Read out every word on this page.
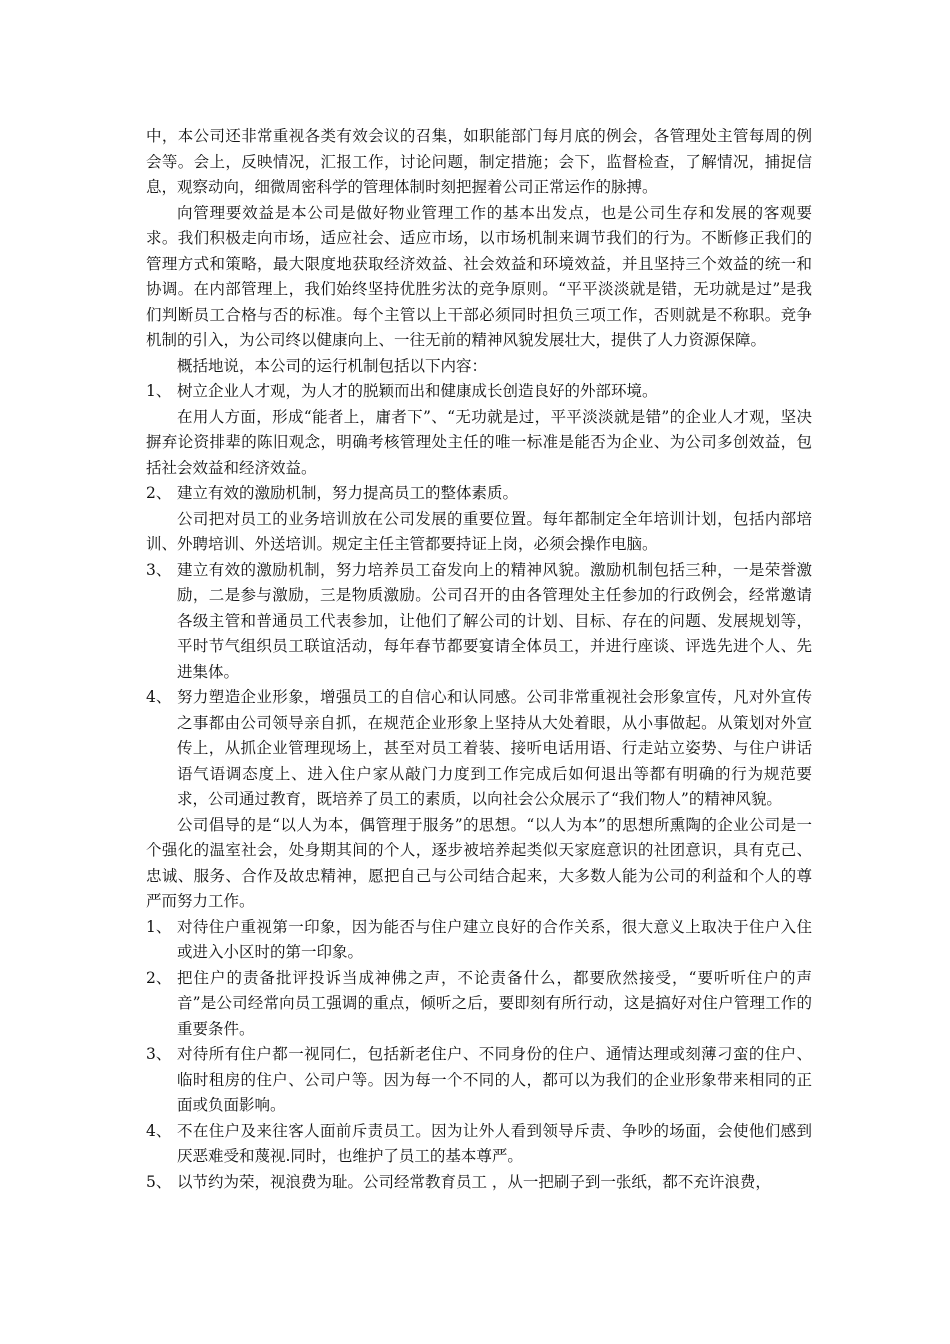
中，本公司还非常重视各类有效会议的召集，如职能部门每月底的例会，各管理处主管每周的例会等。会上，反映情况，汇报工作，讨论问题，制定措施；会下，监督检查，了解情况，捕捉信息，观察动向，细微周密科学的管理体制时刻把握着公司正常运作的脉搏。

向管理要效益是本公司是做好物业管理工作的基本出发点，也是公司生存和发展的客观要求。我们积极走向市场，适应社会、适应市场，以市场机制来调节我们的行为。不断修正我们的管理方式和策略，最大限度地获取经济效益、社会效益和环境效益，并且坚持三个效益的统一和协调。在内部管理上，我们始终坚持优胜劣汰的竞争原则。“平平淡淡就是错，无功就是过”是我们判断员工合格与否的标准。每个主管以上干部必须同时担负三项工作，否则就是不称职。竞争机制的引入，为公司终以健康向上、一往无前的精神风貌发展壮大，提供了人力资源保障。

概括地说，本公司的运行机制包括以下内容：

1、 树立企业人才观，为人才的脱颖而出和健康成长创造良好的外部环境。

在用人方面，形成“能者上，庸者下”、“无功就是过，平平淡淡就是错”的企业人才观，坚决摒弃论资排辈的陈旧观念，明确考核管理处主任的唯一标准是能否为企业、为公司多创效益，包括社会效益和经济效益。

2、 建立有效的激励机制，努力提高员工的整体素质。

公司把对员工的业务培训放在公司发展的重要位置。每年都制定全年培训计划，包括内部培训、外聘培训、外送培训。规定主任主管都要持证上岗，必须会操作电脑。

3、 建立有效的激励机制，努力培养员工奋发向上的精神风貌。激励机制包括三种，一是荣誉激励，二是参与激励，三是物质激励。公司召开的由各管理处主任参加的行政例会，经常邀请各级主管和普通员工代表参加，让他们了解公司的计划、目标、存在的问题、发展规划等，平时节气组织员工联谊活动，每年春节都要宴请全体员工，并进行座谈、评选先进个人、先进集体。
4、 努力塑造企业形象，增强员工的自信心和认同感。公司非常重视社会形象宣传，凡对外宣传之事都由公司领导亲自抓，在规范企业形象上坚持从大处着眼，从小事做起。从策划对外宣传上，从抓企业管理现场上，甚至对员工着装、接听电话用语、行走站立姿势、与住户讲话语气语调态度上、进入住户家从敲门力度到工作完成后如何退出等都有明确的行为规范要求，公司通过教育，既培养了员工的素质，以向社会公众展示了“我们物人”的精神风貌。

公司倡导的是“以人为本，偶管理于服务”的思想。“以人为本”的思想所熏陶的企业公司是一个强化的温室社会，处身期其间的个人，逐步被培养起类似天家庭意识的社团意识，具有克己、忠诚、服务、合作及故忠精神，愿把自己与公司结合起来，大多数人能为公司的利益和个人的尊严而努力工作。

1、 对待住户重视第一印象，因为能否与住户建立良好的合作关系，很大意义上取决于住户入住或进入小区时的第一印象。
2、 把住户的责备批评投诉当成神佛之声，不论责备什么，都要欣然接受，“要听听住户的声音”是公司经常向员工强调的重点，倾听之后，要即刻有所行动，这是搞好对住户管理工作的重要条件。
3、 对待所有住户都一视同仁，包括新老住户、不同身份的住户、通情达理或刻薄刁蛮的住户、临时租房的住户、公司户等。因为每一个不同的人，都可以为我们的企业形象带来相同的正面或负面影响。
4、 不在住户及来往客人面前斥责员工。因为让外人看到领导斥责、争吵的场面，会使他们感到厌恶难受和蔑视.同时，也维护了员工的基本尊严。
5、 以节约为荣，视浪费为耻。公司经常教育员工 ，从一把刷子到一张纸，都不充许浪费，
